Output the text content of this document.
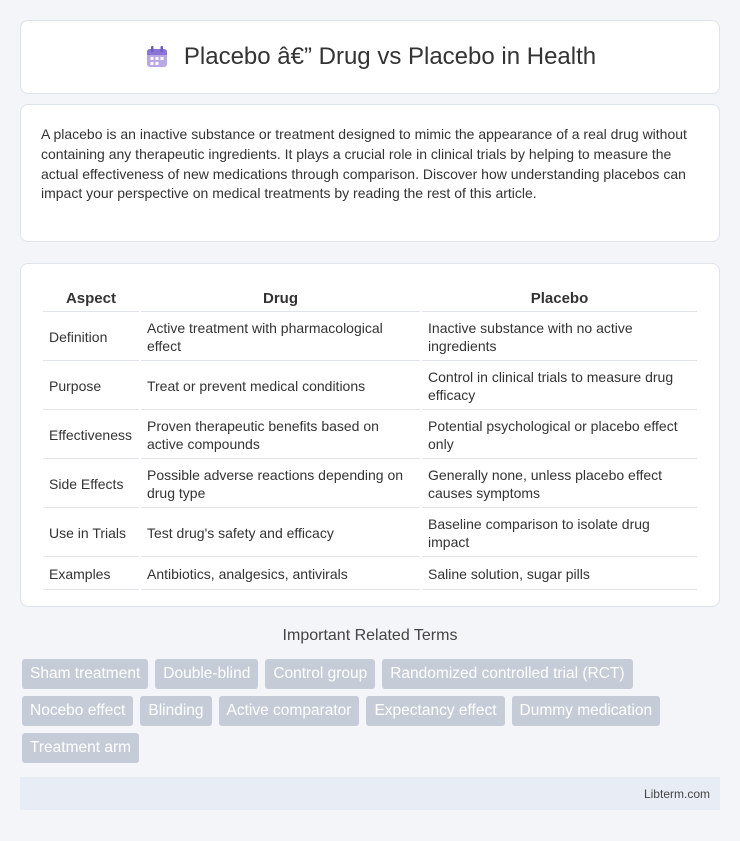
Placebo â€” Drug vs Placebo in Health

A placebo is an inactive substance or treatment designed to mimic the appearance of a real drug without containing any therapeutic ingredients. It plays a crucial role in clinical trials by helping to measure the actual effectiveness of new medications through comparison. Discover how understanding placebos can impact your perspective on medical treatments by reading the rest of this article.

Aspect	Drug	Placebo
Definition	Active treatment with pharmacological effect	Inactive substance with no active ingredients
Purpose	Treat or prevent medical conditions	Control in clinical trials to measure drug efficacy
Effectiveness	Proven therapeutic benefits based on active compounds	Potential psychological or placebo effect only
Side Effects	Possible adverse reactions depending on drug type	Generally none, unless placebo effect causes symptoms
Use in Trials	Test drug's safety and efficacy	Baseline comparison to isolate drug impact
Examples	Antibiotics, analgesics, antivirals	Saline solution, sugar pills
Important Related Terms
Sham treatment	Double-blind	Control group	Randomized controlled trial (RCT)
Nocebo effect	Blinding	Active comparator	Expectancy effect	Dummy medication
Treatment arm
Libterm.com
